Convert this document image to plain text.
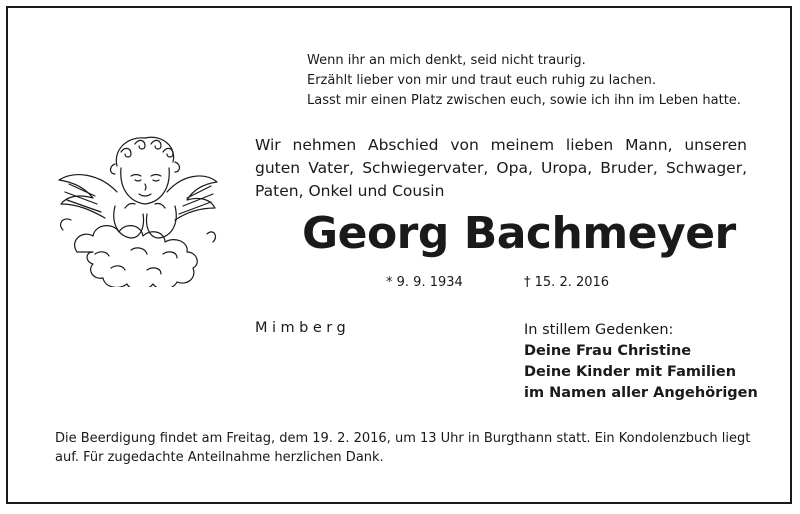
Wenn ihr an mich denkt, seid nicht traurig.
Erzählt lieber von mir und traut euch ruhig zu lachen.
Lasst mir einen Platz zwischen euch, sowie ich ihn im Leben hatte.
Wir nehmen Abschied von meinem lieben Mann, unseren guten Vater, Schwiegervater, Opa, Uropa, Bruder, Schwager, Paten, Onkel und Cousin
Georg Bachmeyer
* 9. 9. 1934	† 15. 2. 2016
Mimberg	In stillem Gedenken:
Deine Frau Christine
Deine Kinder mit Familien
im Namen aller Angehörigen
Die Beerdigung findet am Freitag, dem 19. 2. 2016, um 13 Uhr in Burgthann statt. Ein Kondolenzbuch liegt auf. Für zugedachte Anteilnahme herzlichen Dank.
